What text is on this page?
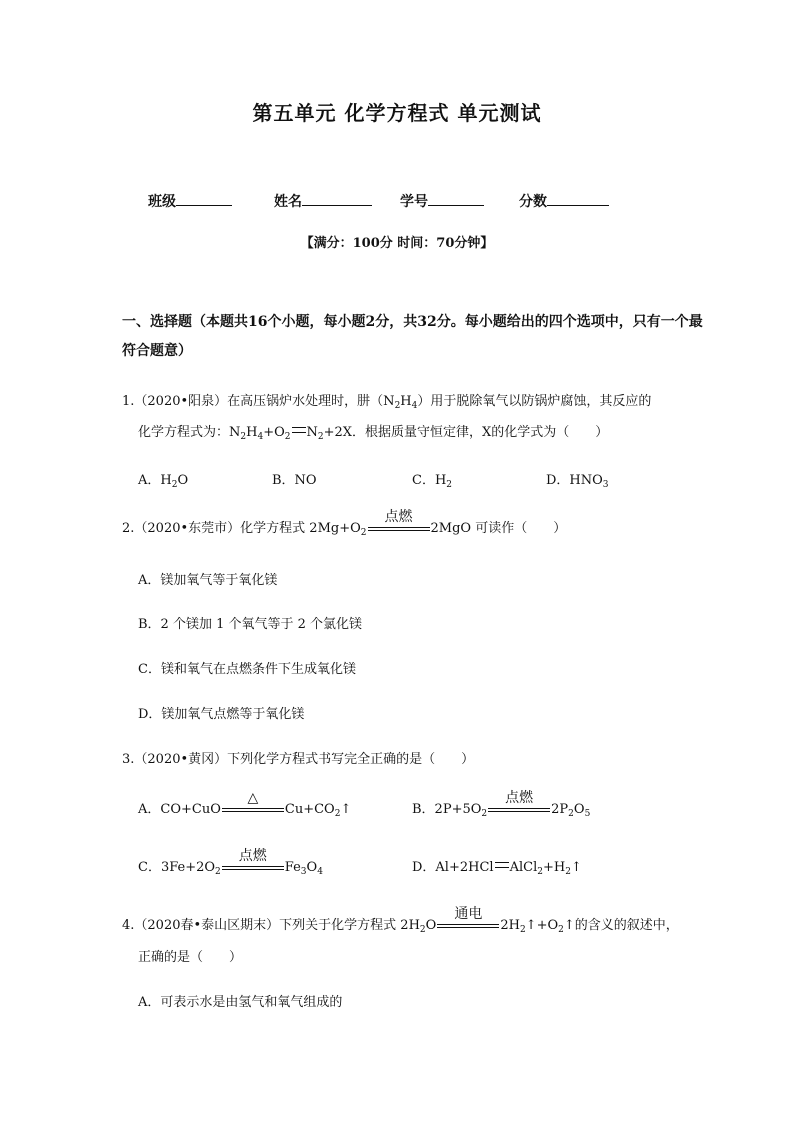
第五单元 化学方程式 单元测试
班级	姓名	学号	分数
【满分：100分 时间：70分钟】
一、选择题（本题共16个小题，每小题2分，共32分。每小题给出的四个选项中，只有一个最符合题意）
1.（2020•阳泉）在高压锅炉水处理时，肼$(N_2H_4)$用于脱除氧气以防锅炉腐蚀，其反应的
化学方程式为：$N_2H_4+O_2$ $N_2+2X$．根据质量守恒定律，X的化学式为（　　）
A．$H_2O$	B．NO	C．$H_2$	D．$HNO_3$
2.（2020•东莞市）化学方程式 $2Mg+O_2$
点燃
2MgO 可读作（　　）
A．镁加氧气等于氧化镁
B．2 个镁加 1 个氧气等于 2 个氯化镁
C．镁和氧气在点燃条件下生成氧化镁
D．镁加氧气点燃等于氧化镁
3.（2020•黄冈）下列化学方程式书写完全正确的是（　　）
A．CO+CuO
△
$Cu+CO_2↑$	B．$2P+5O_2$
点燃
$2P_2O_5$
C．$3Fe+2O_2$
点燃
$Fe_3O_4$	D．Al+2HCl $AlCl_2+H_2↑$
4.（2020春•泰山区期末）下列关于化学方程式 $2H_2O$
通电
$2H_2↑+O_2↑$的含义的叙述中，
正确的是（　　）
A．可表示水是由氢气和氧气组成的
